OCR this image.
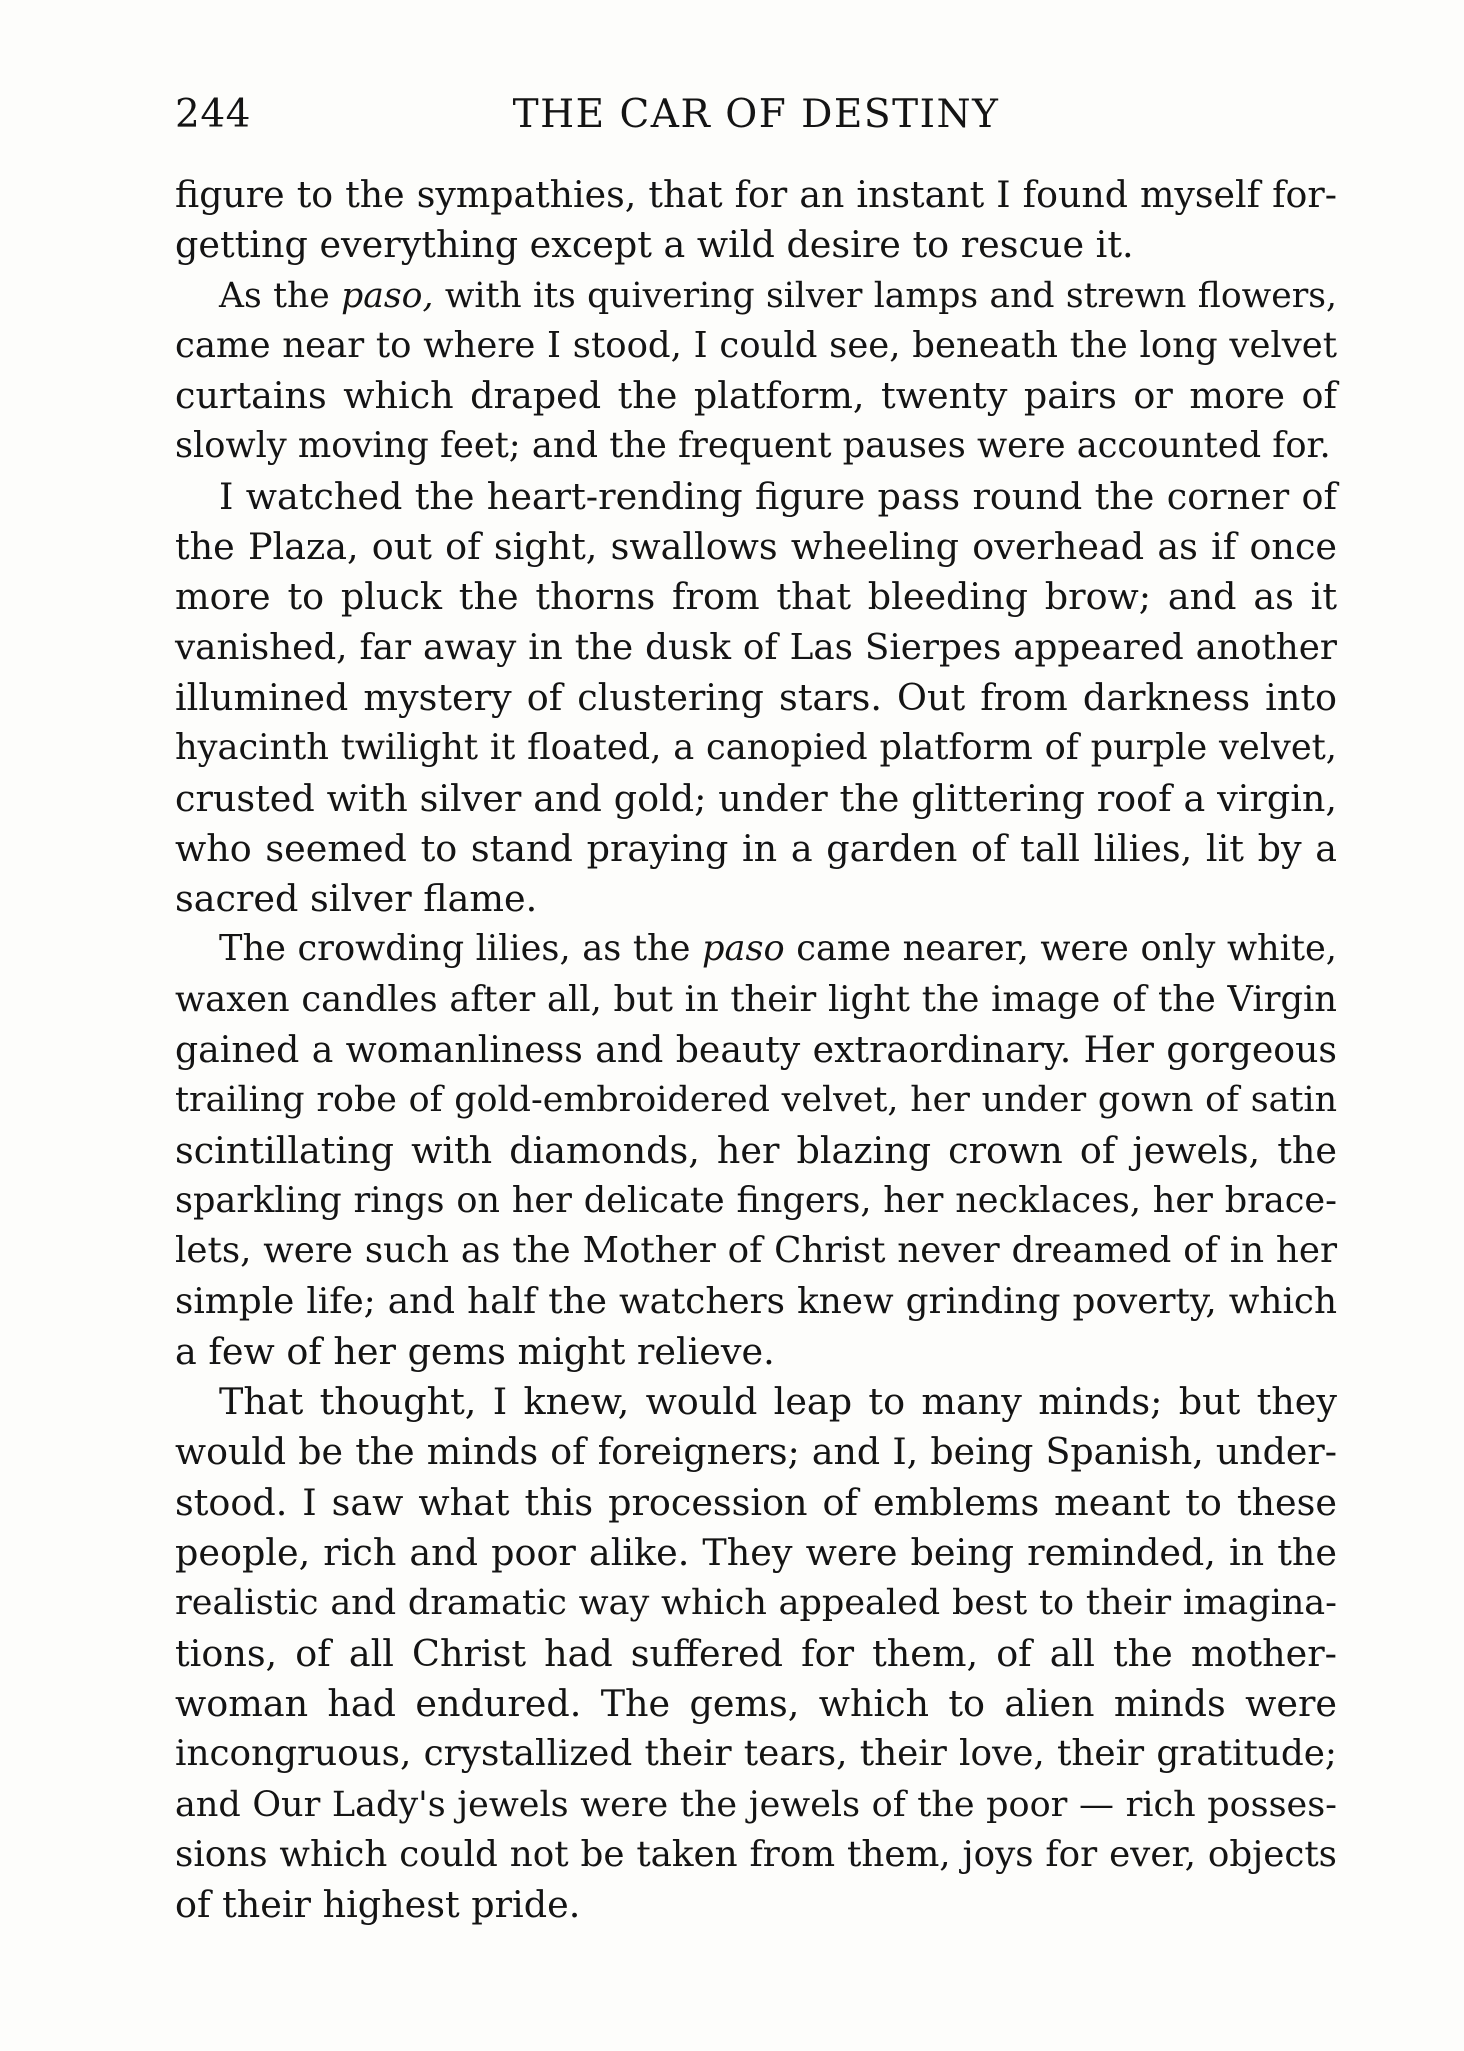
244	THE CAR OF DESTINY
figure to the sympathies, that for an instant I found myself for-
getting everything except a wild desire to rescue it.
As the paso, with its quivering silver lamps and strewn flowers,
came near to where I stood, I could see, beneath the long velvet
curtains which draped the platform, twenty pairs or more of
slowly moving feet; and the frequent pauses were accounted for.
I watched the heart-rending figure pass round the corner of
the Plaza, out of sight, swallows wheeling overhead as if once
more to pluck the thorns from that bleeding brow; and as it
vanished, far away in the dusk of Las Sierpes appeared another
illumined mystery of clustering stars. Out from darkness into
hyacinth twilight it floated, a canopied platform of purple velvet,
crusted with silver and gold; under the glittering roof a virgin,
who seemed to stand praying in a garden of tall lilies, lit by a
sacred silver flame.
The crowding lilies, as the paso came nearer, were only white,
waxen candles after all, but in their light the image of the Virgin
gained a womanliness and beauty extraordinary. Her gorgeous
trailing robe of gold-embroidered velvet, her under gown of satin
scintillating with diamonds, her blazing crown of jewels, the
sparkling rings on her delicate fingers, her necklaces, her brace-
lets, were such as the Mother of Christ never dreamed of in her
simple life; and half the watchers knew grinding poverty, which
a few of her gems might relieve.
That thought, I knew, would leap to many minds; but they
would be the minds of foreigners; and I, being Spanish, under-
stood. I saw what this procession of emblems meant to these
people, rich and poor alike. They were being reminded, in the
realistic and dramatic way which appealed best to their imagina-
tions, of all Christ had suffered for them, of all the mother-
woman had endured. The gems, which to alien minds were
incongruous, crystallized their tears, their love, their gratitude;
and Our Lady's jewels were the jewels of the poor — rich posses-
sions which could not be taken from them, joys for ever, objects
of their highest pride.
